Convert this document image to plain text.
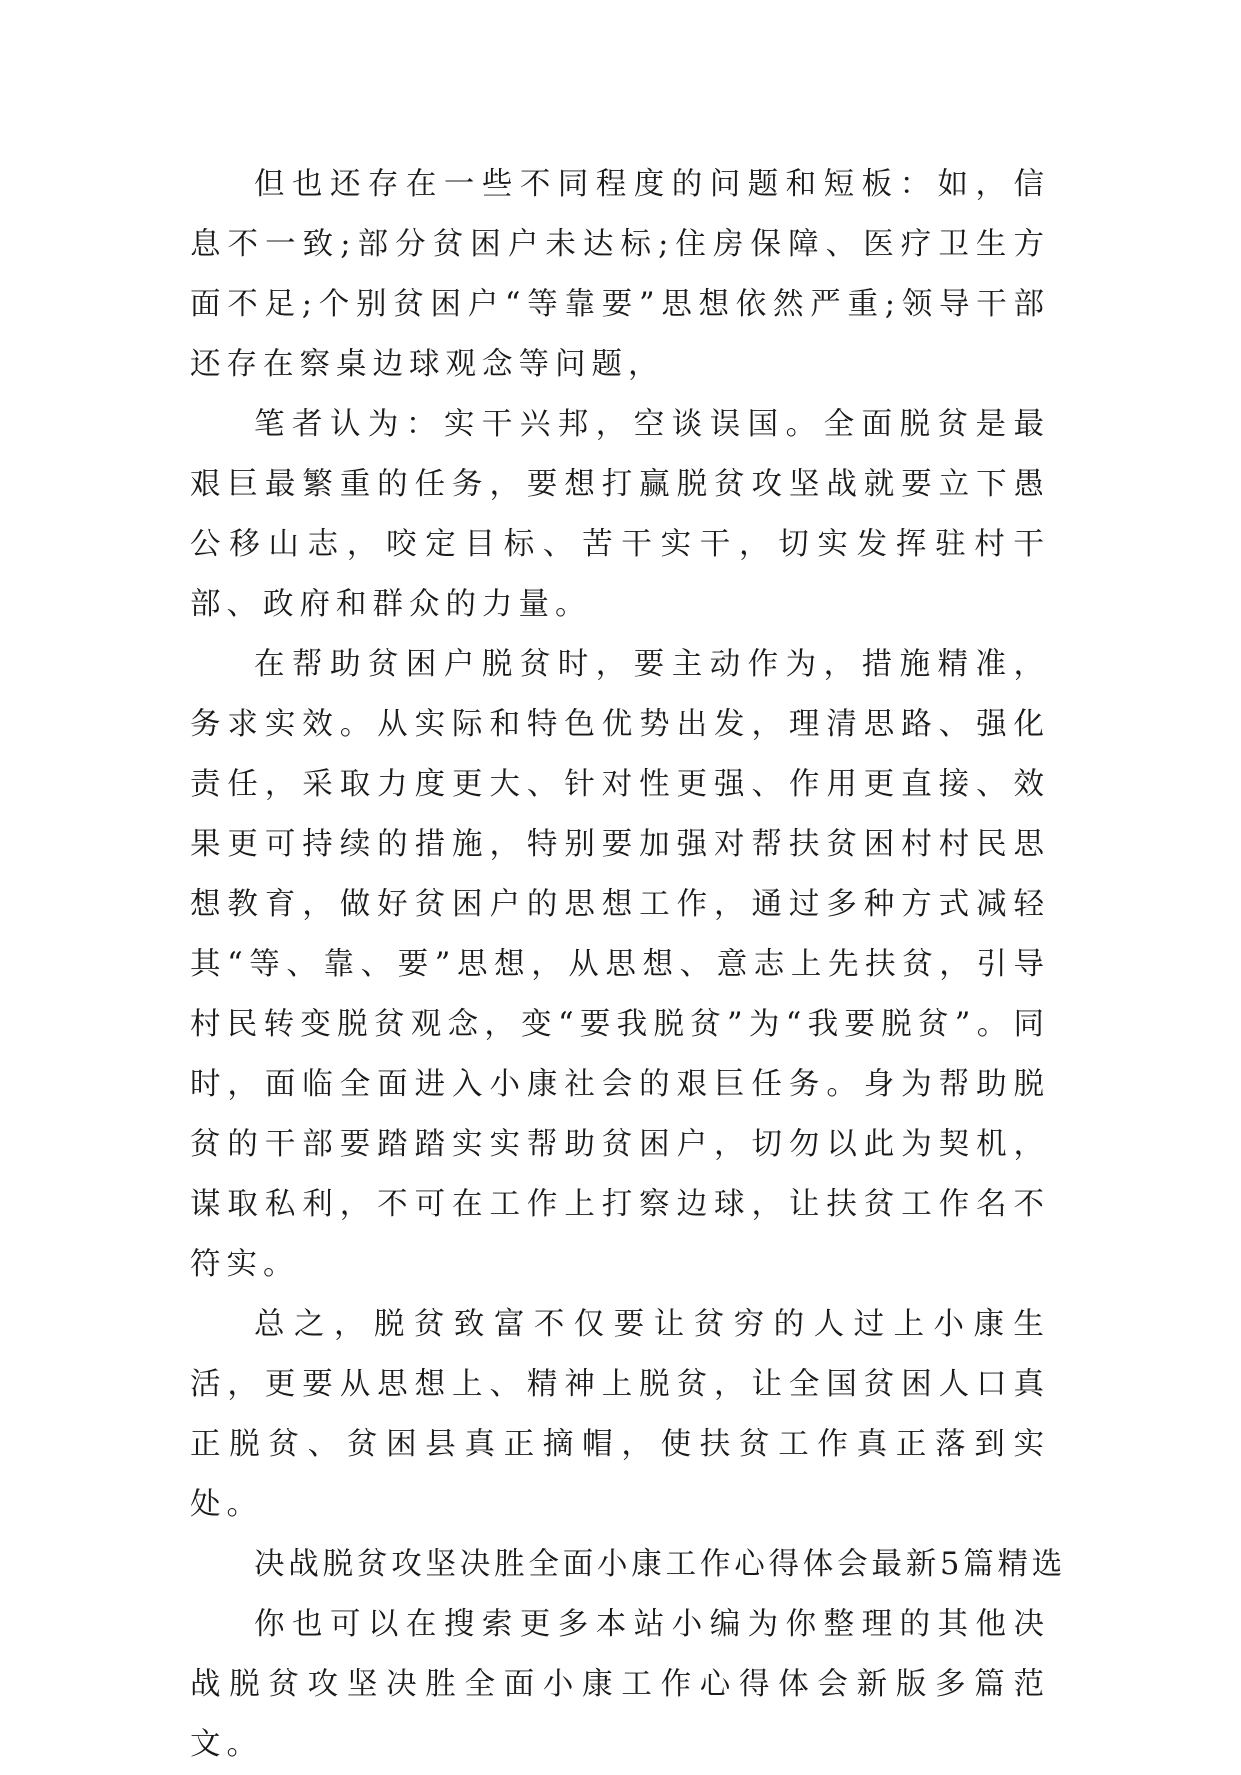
但也还存在一些不同程度的问题和短板：如，信息不一致;部分贫困户未达标;住房保障、医疗卫生方面不足;个别贫困户“等靠要”思想依然严重;领导干部还存在察桌边球观念等问题，

笔者认为：实干兴邦，空谈误国。全面脱贫是最艰巨最繁重的任务，要想打赢脱贫攻坚战就要立下愚公移山志，咬定目标、苦干实干，切实发挥驻村干部、政府和群众的力量。

在帮助贫困户脱贫时，要主动作为，措施精准，务求实效。从实际和特色优势出发，理清思路、强化责任，采取力度更大、针对性更强、作用更直接、效果更可持续的措施，特别要加强对帮扶贫困村村民思想教育，做好贫困户的思想工作，通过多种方式减轻其“等、靠、要”思想，从思想、意志上先扶贫，引导村民转变脱贫观念，变“要我脱贫”为“我要脱贫”。同时，面临全面进入小康社会的艰巨任务。身为帮助脱贫的干部要踏踏实实帮助贫困户，切勿以此为契机，谋取私利，不可在工作上打察边球，让扶贫工作名不符实。

总之，脱贫致富不仅要让贫穷的人过上小康生活，更要从思想上、精神上脱贫，让全国贫困人口真正脱贫、贫困县真正摘帽，使扶贫工作真正落到实处。

决战脱贫攻坚决胜全面小康工作心得体会最新5篇精选

你也可以在搜索更多本站小编为你整理的其他决战脱贫攻坚决胜全面小康工作心得体会新版多篇范文。
